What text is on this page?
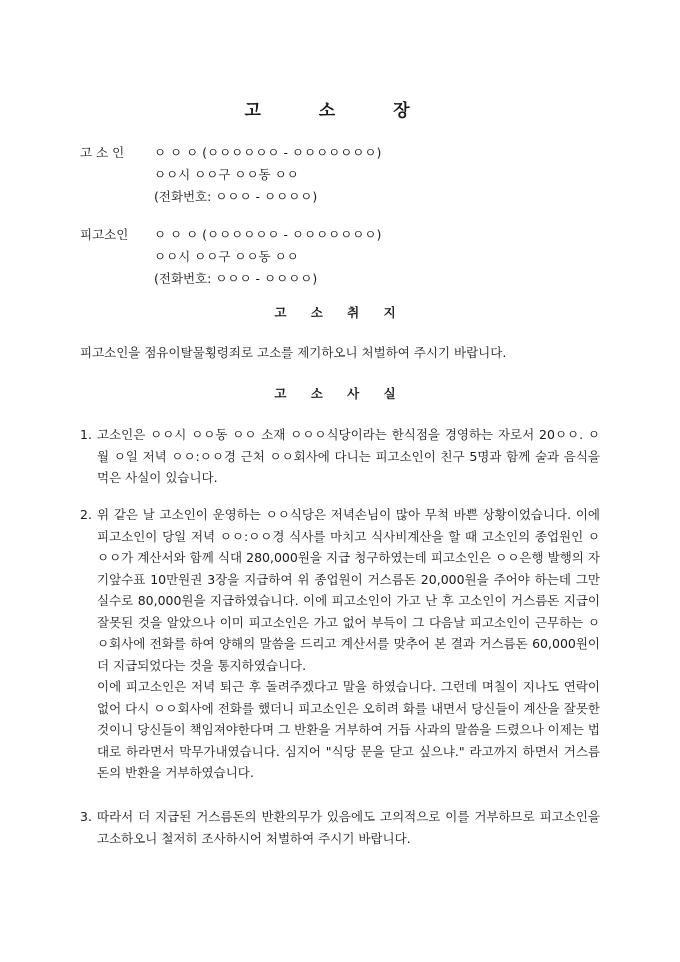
고 소 장
고 소 인	ㅇ ㅇ ㅇ (ㅇㅇㅇㅇㅇㅇ - ㅇㅇㅇㅇㅇㅇㅇ)
ㅇㅇ시 ㅇㅇ구 ㅇㅇ동 ㅇㅇ
(전화번호: ㅇㅇㅇ - ㅇㅇㅇㅇ)
피고소인	ㅇ ㅇ ㅇ (ㅇㅇㅇㅇㅇㅇ - ㅇㅇㅇㅇㅇㅇㅇ)
ㅇㅇ시 ㅇㅇ구 ㅇㅇ동 ㅇㅇ
(전화번호: ㅇㅇㅇ - ㅇㅇㅇㅇ)
고 소 취 지
피고소인을 점유이탈물횡령죄로 고소를 제기하오니 처벌하여 주시기 바랍니다.
고 소 사 실
1. 고소인은 ㅇㅇ시 ㅇㅇ동 ㅇㅇ 소재 ㅇㅇㅇ식당이라는 한식점을 경영하는 자로서 20ㅇㅇ. ㅇ월 ㅇ일 저녁 ㅇㅇ:ㅇㅇ경 근처 ㅇㅇ회사에 다니는 피고소인이 친구 5명과 함께 술과 음식을 먹은 사실이 있습니다.
2. 위 같은 날 고소인이 운영하는 ㅇㅇ식당은 저녁손님이 많아 무척 바쁜 상황이었습니다. 이에 피고소인이 당일 저녁 ㅇㅇ:ㅇㅇ경 식사를 마치고 식사비계산을 할 때 고소인의 종업원인 ㅇㅇㅇ가 계산서와 함께 식대 280,000원을 지급 청구하였는데 피고소인은 ㅇㅇ은행 발행의 자기앞수표 10만원권 3장을 지급하여 위 종업원이 거스름돈 20,000원을 주어야 하는데 그만 실수로 80,000원을 지급하였습니다. 이에 피고소인이 가고 난 후 고소인이 거스름돈 지급이 잘못된 것을 알았으나 이미 피고소인은 가고 없어 부득이 그 다음날 피고소인이 근무하는 ㅇㅇ회사에 전화를 하여 양해의 말씀을 드리고 계산서를 맞추어 본 결과 거스름돈 60,000원이 더 지급되었다는 것을 통지하였습니다.
이에 피고소인은 저녁 퇴근 후 돌려주겠다고 말을 하였습니다. 그런데 며칠이 지나도 연락이 없어 다시 ㅇㅇ회사에 전화를 했더니 피고소인은 오히려 화를 내면서 당신들이 계산을 잘못한 것이니 당신들이 책임져야한다며 그 반환을 거부하여 거듭 사과의 말씀을 드렸으나 이제는 법대로 하라면서 막무가내였습니다. 심지어 "식당 문을 닫고 싶으냐." 라고까지 하면서 거스름돈의 반환을 거부하였습니다.
3. 따라서 더 지급된 거스름돈의 반환의무가 있음에도 고의적으로 이를 거부하므로 피고소인을 고소하오니 철저히 조사하시어 처벌하여 주시기 바랍니다.
